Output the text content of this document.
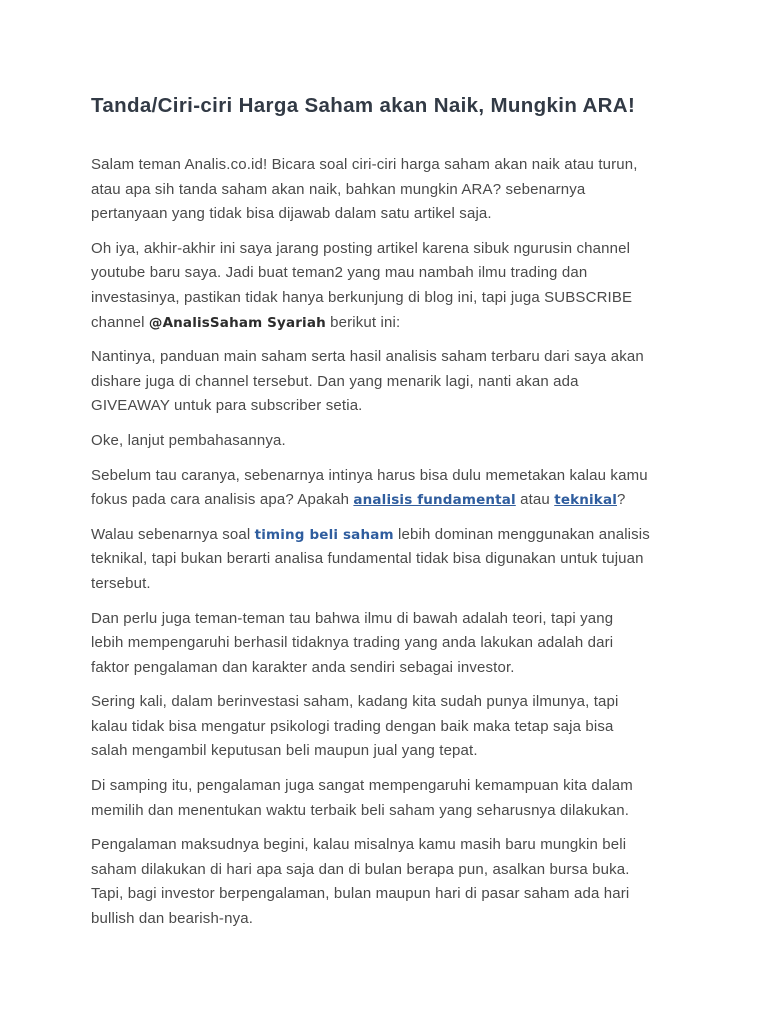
Tanda/Ciri-ciri Harga Saham akan Naik, Mungkin ARA!

Salam teman Analis.co.id! Bicara soal ciri-ciri harga saham akan naik atau turun,
atau apa sih tanda saham akan naik, bahkan mungkin ARA? sebenarnya
pertanyaan yang tidak bisa dijawab dalam satu artikel saja.

Oh iya, akhir-akhir ini saya jarang posting artikel karena sibuk ngurusin channel
youtube baru saya. Jadi buat teman2 yang mau nambah ilmu trading dan
investasinya, pastikan tidak hanya berkunjung di blog ini, tapi juga SUBSCRIBE
channel @AnalisSaham Syariah berikut ini:

Nantinya, panduan main saham serta hasil analisis saham terbaru dari saya akan
dishare juga di channel tersebut. Dan yang menarik lagi, nanti akan ada
GIVEAWAY untuk para subscriber setia.

Oke, lanjut pembahasannya.

Sebelum tau caranya, sebenarnya intinya harus bisa dulu memetakan kalau kamu
fokus pada cara analisis apa? Apakah analisis fundamental atau teknikal?

Walau sebenarnya soal timing beli saham lebih dominan menggunakan analisis
teknikal, tapi bukan berarti analisa fundamental tidak bisa digunakan untuk tujuan
tersebut.

Dan perlu juga teman-teman tau bahwa ilmu di bawah adalah teori, tapi yang
lebih mempengaruhi berhasil tidaknya trading yang anda lakukan adalah dari
faktor pengalaman dan karakter anda sendiri sebagai investor.

Sering kali, dalam berinvestasi saham, kadang kita sudah punya ilmunya, tapi
kalau tidak bisa mengatur psikologi trading dengan baik maka tetap saja bisa
salah mengambil keputusan beli maupun jual yang tepat.

Di samping itu, pengalaman juga sangat mempengaruhi kemampuan kita dalam
memilih dan menentukan waktu terbaik beli saham yang seharusnya dilakukan.

Pengalaman maksudnya begini, kalau misalnya kamu masih baru mungkin beli
saham dilakukan di hari apa saja dan di bulan berapa pun, asalkan bursa buka.
Tapi, bagi investor berpengalaman, bulan maupun hari di pasar saham ada hari
bullish dan bearish-nya.
